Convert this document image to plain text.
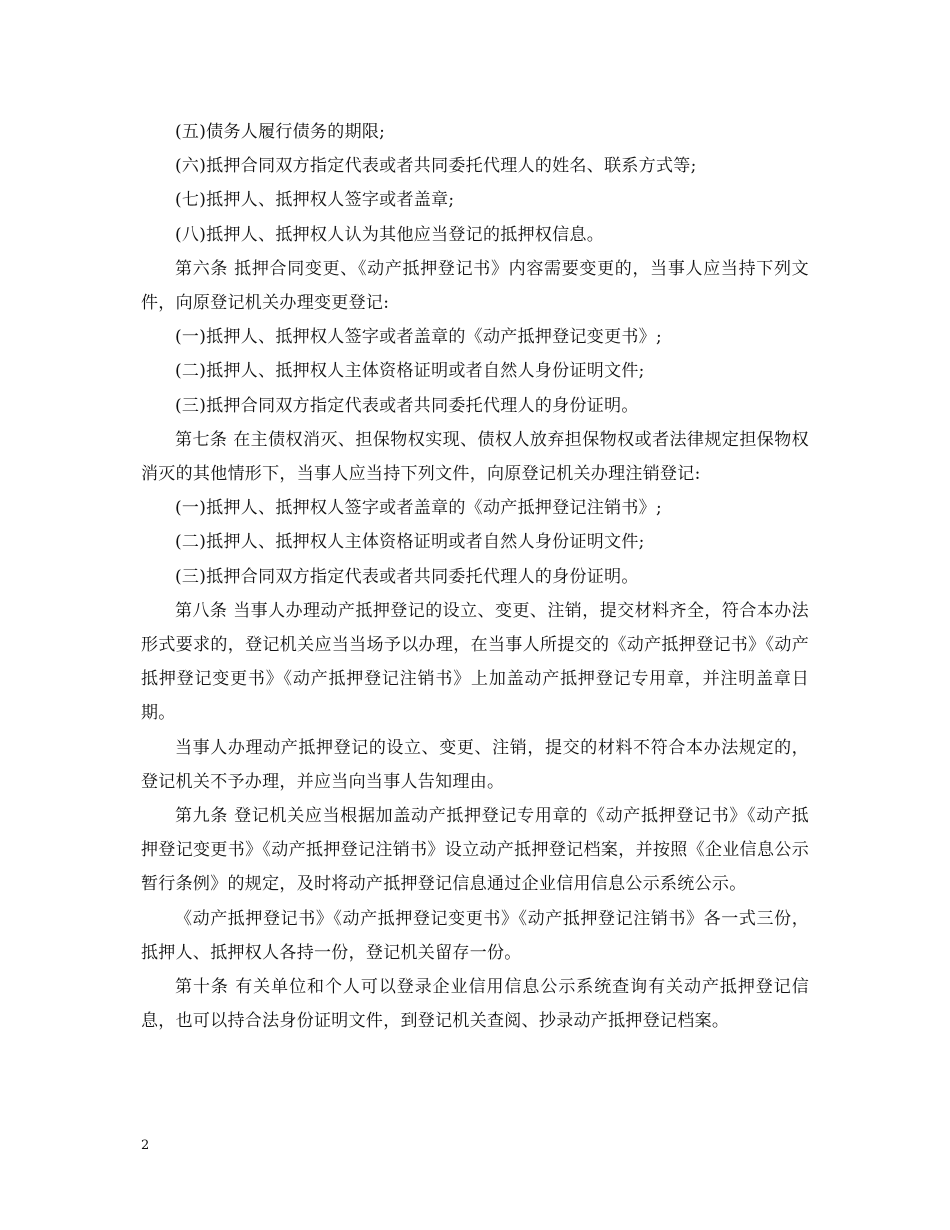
(五)债务人履行债务的期限;

(六)抵押合同双方指定代表或者共同委托代理人的姓名、联系方式等;

(七)抵押人、抵押权人签字或者盖章;

(八)抵押人、抵押权人认为其他应当登记的抵押权信息。

第六条 抵押合同变更、《动产抵押登记书》内容需要变更的，当事人应当持下列文件，向原登记机关办理变更登记:

(一)抵押人、抵押权人签字或者盖章的《动产抵押登记变更书》;

(二)抵押人、抵押权人主体资格证明或者自然人身份证明文件;

(三)抵押合同双方指定代表或者共同委托代理人的身份证明。

第七条 在主债权消灭、担保物权实现、债权人放弃担保物权或者法律规定担保物权消灭的其他情形下，当事人应当持下列文件，向原登记机关办理注销登记:

(一)抵押人、抵押权人签字或者盖章的《动产抵押登记注销书》;

(二)抵押人、抵押权人主体资格证明或者自然人身份证明文件;

(三)抵押合同双方指定代表或者共同委托代理人的身份证明。

第八条 当事人办理动产抵押登记的设立、变更、注销，提交材料齐全，符合本办法形式要求的，登记机关应当当场予以办理，在当事人所提交的《动产抵押登记书》《动产抵押登记变更书》《动产抵押登记注销书》上加盖动产抵押登记专用章，并注明盖章日期。

当事人办理动产抵押登记的设立、变更、注销，提交的材料不符合本办法规定的，登记机关不予办理，并应当向当事人告知理由。

第九条 登记机关应当根据加盖动产抵押登记专用章的《动产抵押登记书》《动产抵押登记变更书》《动产抵押登记注销书》设立动产抵押登记档案，并按照《企业信息公示暂行条例》的规定，及时将动产抵押登记信息通过企业信用信息公示系统公示。

《动产抵押登记书》《动产抵押登记变更书》《动产抵押登记注销书》各一式三份，抵押人、抵押权人各持一份，登记机关留存一份。

第十条 有关单位和个人可以登录企业信用信息公示系统查询有关动产抵押登记信息，也可以持合法身份证明文件，到登记机关查阅、抄录动产抵押登记档案。

2
